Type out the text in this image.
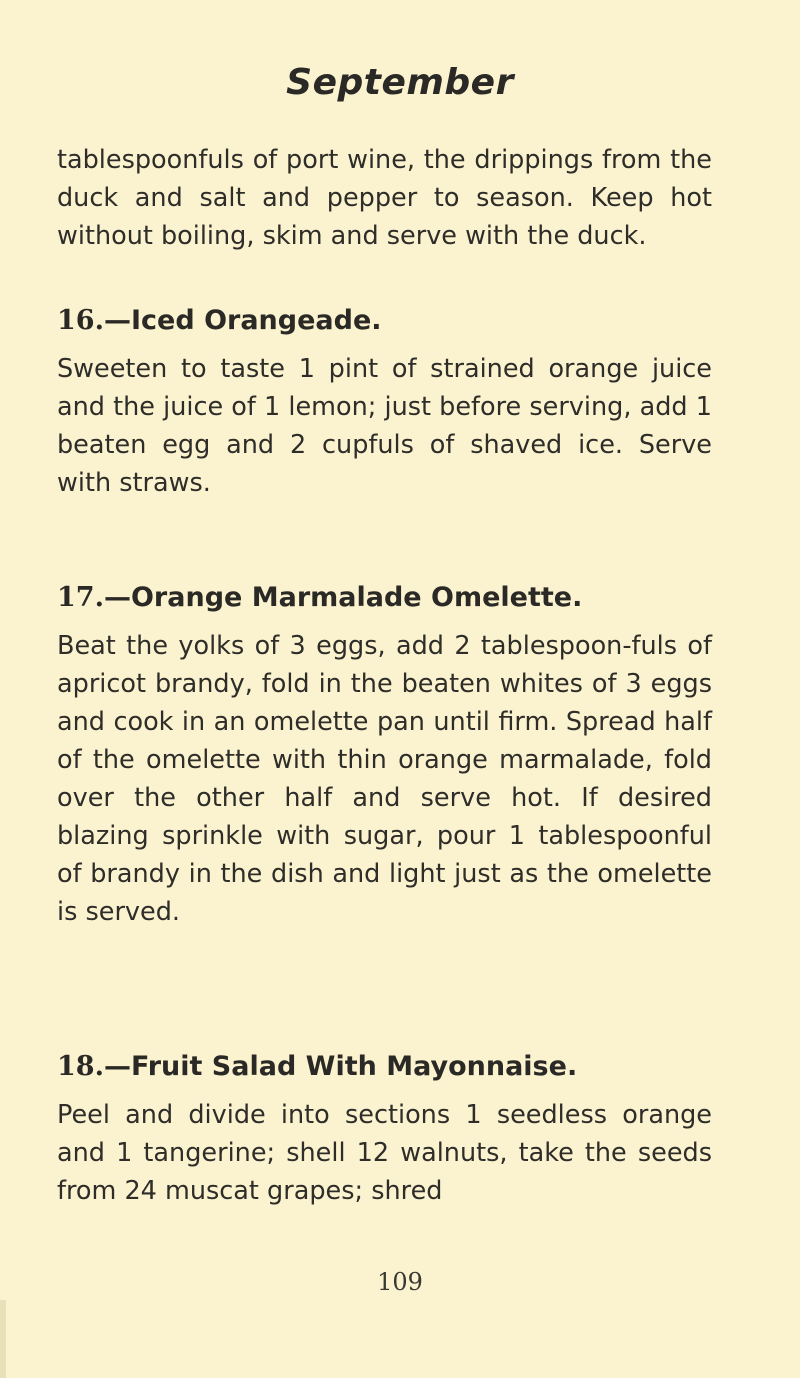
September

tablespoonfuls of port wine, the drippings from the duck and salt and pepper to season. Keep hot without boiling, skim and serve with the duck.

16.—Iced Orangeade.

Sweeten to taste 1 pint of strained orange juice and the juice of 1 lemon; just before serving, add 1 beaten egg and 2 cupfuls of shaved ice. Serve with straws.

17.—Orange Marmalade Omelette.

Beat the yolks of 3 eggs, add 2 tablespoon-fuls of apricot brandy, fold in the beaten whites of 3 eggs and cook in an omelette pan until firm. Spread half of the omelette with thin orange marmalade, fold over the other half and serve hot. If desired blazing sprinkle with sugar, pour 1 tablespoonful of brandy in the dish and light just as the omelette is served.

18.—Fruit Salad With Mayonnaise.

Peel and divide into sections 1 seedless orange and 1 tangerine; shell 12 walnuts, take the seeds from 24 muscat grapes; shred

109
